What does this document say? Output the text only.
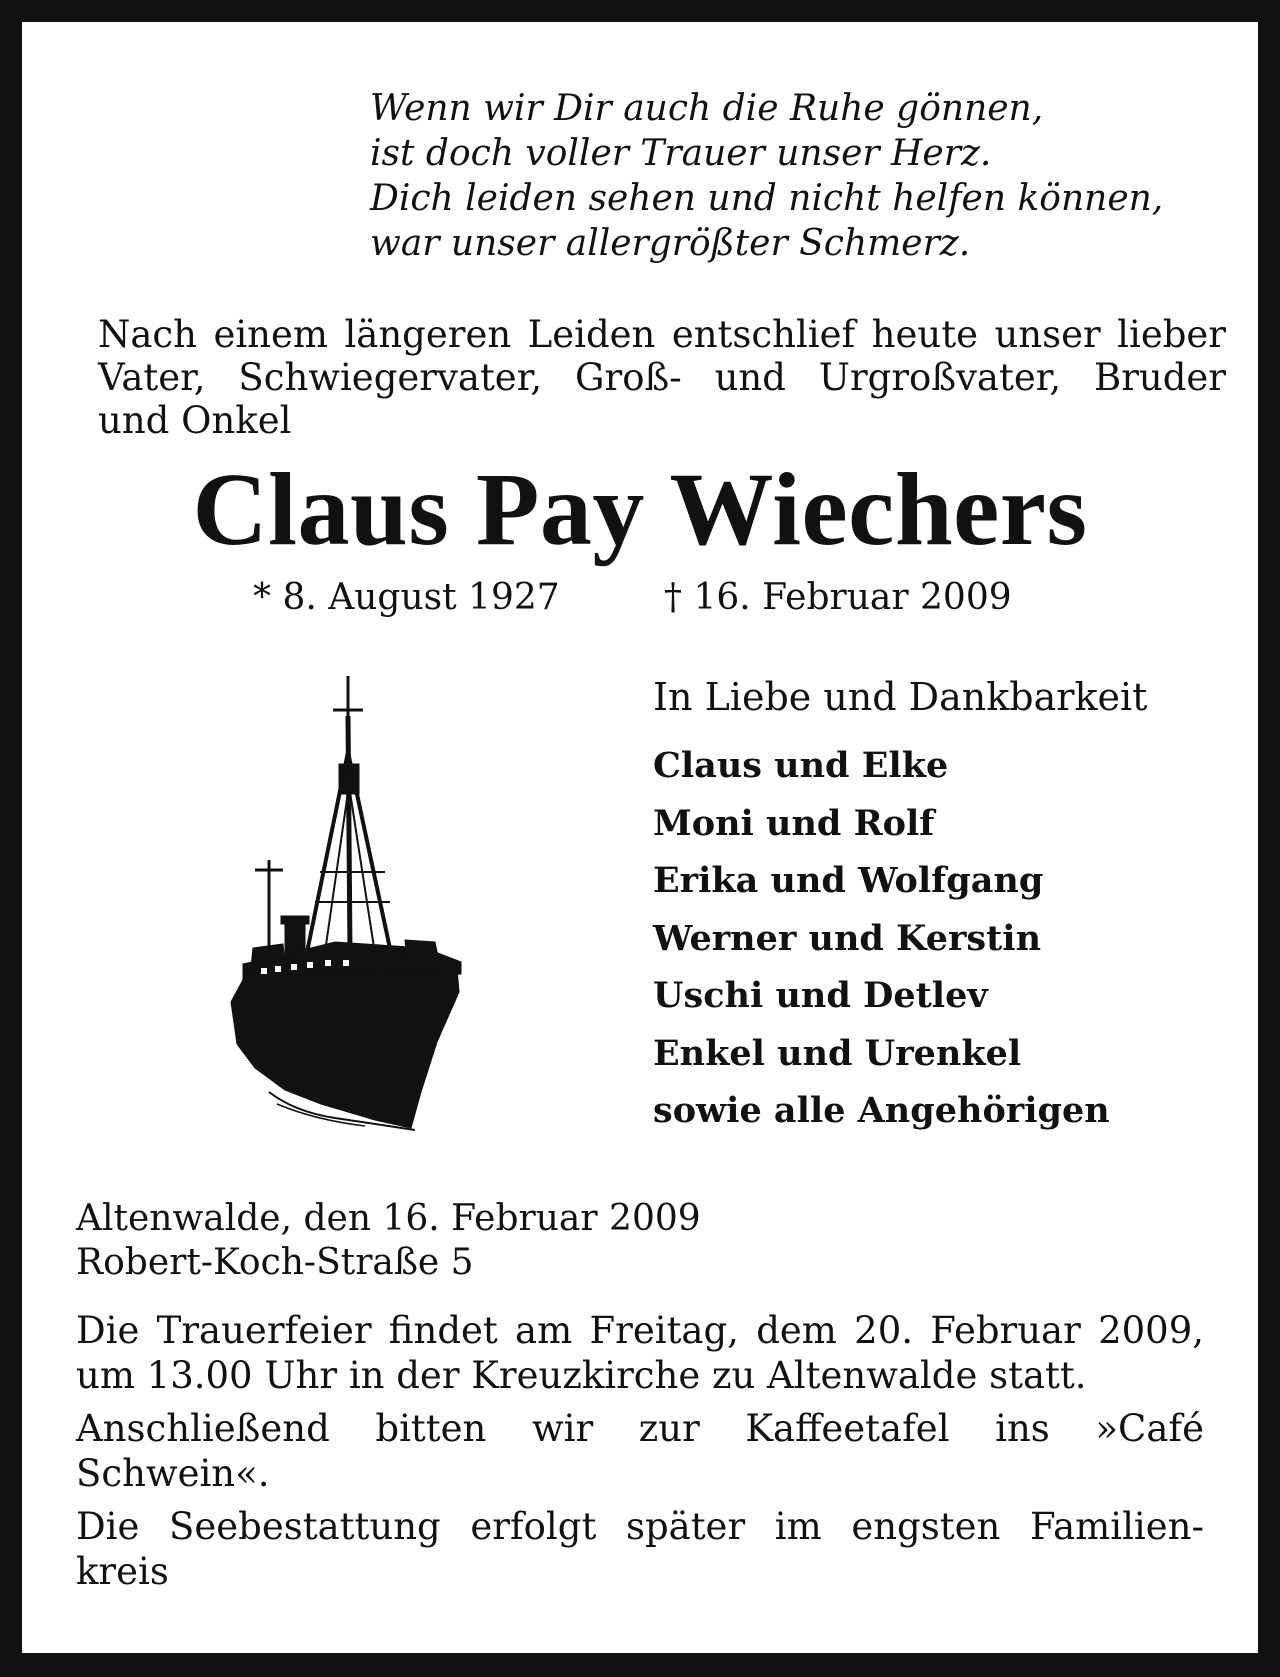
Wenn wir Dir auch die Ruhe gönnen,
ist doch voller Trauer unser Herz.
Dich leiden sehen und nicht helfen können,
war unser allergrößter Schmerz.
Nach einem längeren Leiden entschlief heute unser lieber
Vater, Schwiegervater, Groß- und Urgroßvater, Bruder
und Onkel
Claus Pay Wiechers
* 8. August 1927	† 16. Februar 2009
In Liebe und Dankbarkeit
Claus und Elke
Moni und Rolf
Erika und Wolfgang
Werner und Kerstin
Uschi und Detlev
Enkel und Urenkel
sowie alle Angehörigen
Altenwalde, den 16. Februar 2009
Robert-Koch-Straße 5

Die Trauerfeier findet am Freitag, dem 20. Februar 2009,
um 13.00 Uhr in der Kreuzkirche zu Altenwalde statt.

Anschließend bitten wir zur Kaffeetafel ins »Café
Schwein«.

Die Seebestattung erfolgt später im engsten Familien-
kreis
